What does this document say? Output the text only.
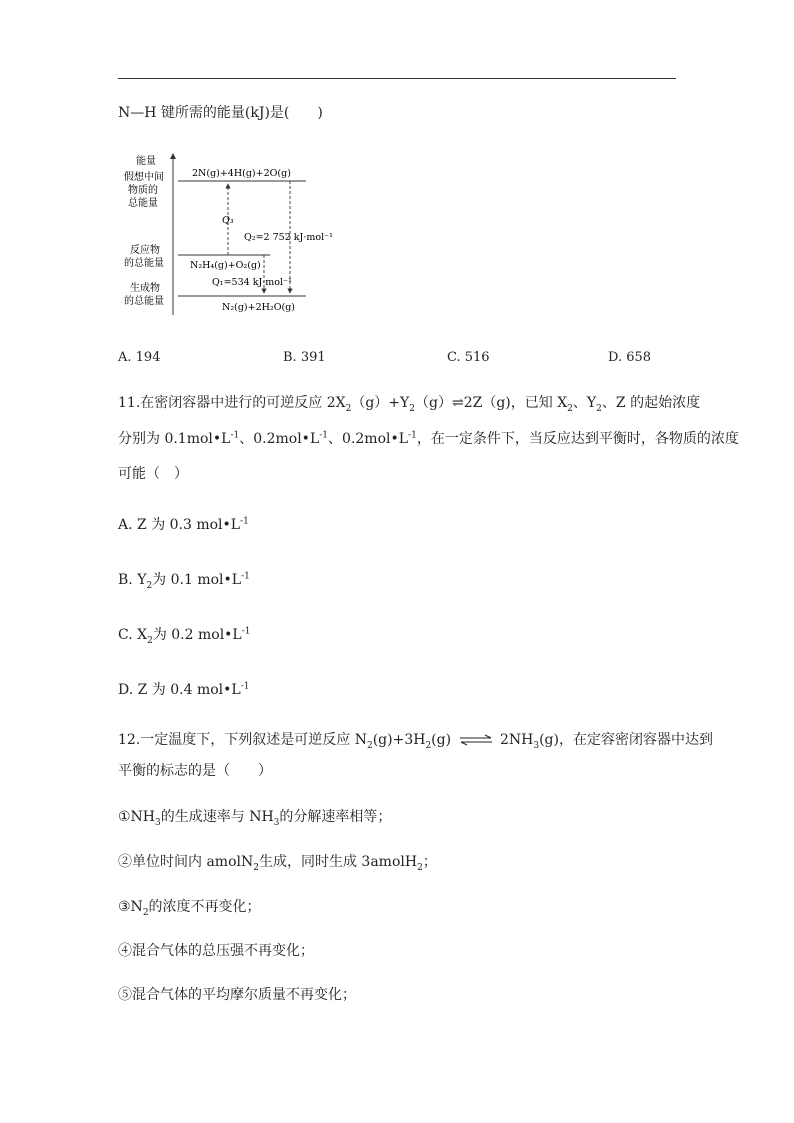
N—H 键所需的能量(kJ)是(　　)
能量
假想中间
物质的
总能量
反应物
的总能量
生成物
的总能量
2N(g)+4H(g)+2O(g)
N₂H₄(g)+O₂(g)
N₂(g)+2H₂O(g)
Q₃
Q₂=2 752 kJ·mol⁻¹
Q₁=534 kJ·mol⁻¹
A. 194	B. 391	C. 516	D. 658
11.在密闭容器中进行的可逆反应 $2X_2(g)+Y_2(g)\rightleftharpoons 2Z(g)$，已知 $X_2$、$Y_2$、Z 的起始浓度
分别为 $0.1mol•L^{-1}$、$0.2mol•L^{-1}$、$0.2mol•L^{-1}$，在一定条件下，当反应达到平衡时，各物质的浓度
可能（　）
A. Z 为 0.3 $mol•L^{-1}$
B. $Y_2$为 0.1 $mol•L^{-1}$
C. $X_2$为 0.2 $mol•L^{-1}$
D. Z 为 0.4 $mol•L^{-1}$
12.一定温度下，下列叙述是可逆反应 $N_2(g)+3H_2(g)$ ⇌ $2NH_3(g)$，在定容密闭容器中达到
平衡的标志的是（　　）
$①NH_3$的生成速率与 $NH_3$的分解速率相等；
②单位时间内 amolN$_2$生成，同时生成 3amolH$_2$；
$③N_2$的浓度不再变化；
④混合气体的总压强不再变化；
⑤混合气体的平均摩尔质量不再变化；
